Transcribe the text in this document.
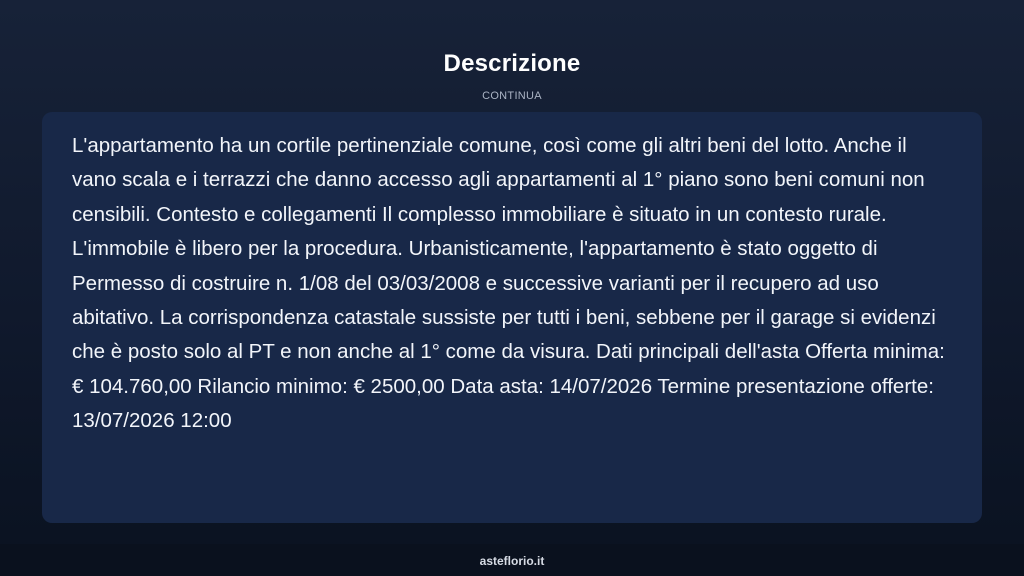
Descrizione
CONTINUA

L'appartamento ha un cortile pertinenziale comune, così come gli altri beni del lotto. Anche il vano scala e i terrazzi che danno accesso agli appartamenti al 1° piano sono beni comuni non censibili. Contesto e collegamenti Il complesso immobiliare è situato in un contesto rurale. L'immobile è libero per la procedura. Urbanisticamente, l'appartamento è stato oggetto di Permesso di costruire n. 1/08 del 03/03/2008 e successive varianti per il recupero ad uso abitativo. La corrispondenza catastale sussiste per tutti i beni, sebbene per il garage si evidenzi che è posto solo al PT e non anche al 1° come da visura. Dati principali dell'asta Offerta minima: € 104.760,00 Rilancio minimo: € 2500,00 Data asta: 14/07/2026 Termine presentazione offerte: 13/07/2026 12:00

asteflorio.it
